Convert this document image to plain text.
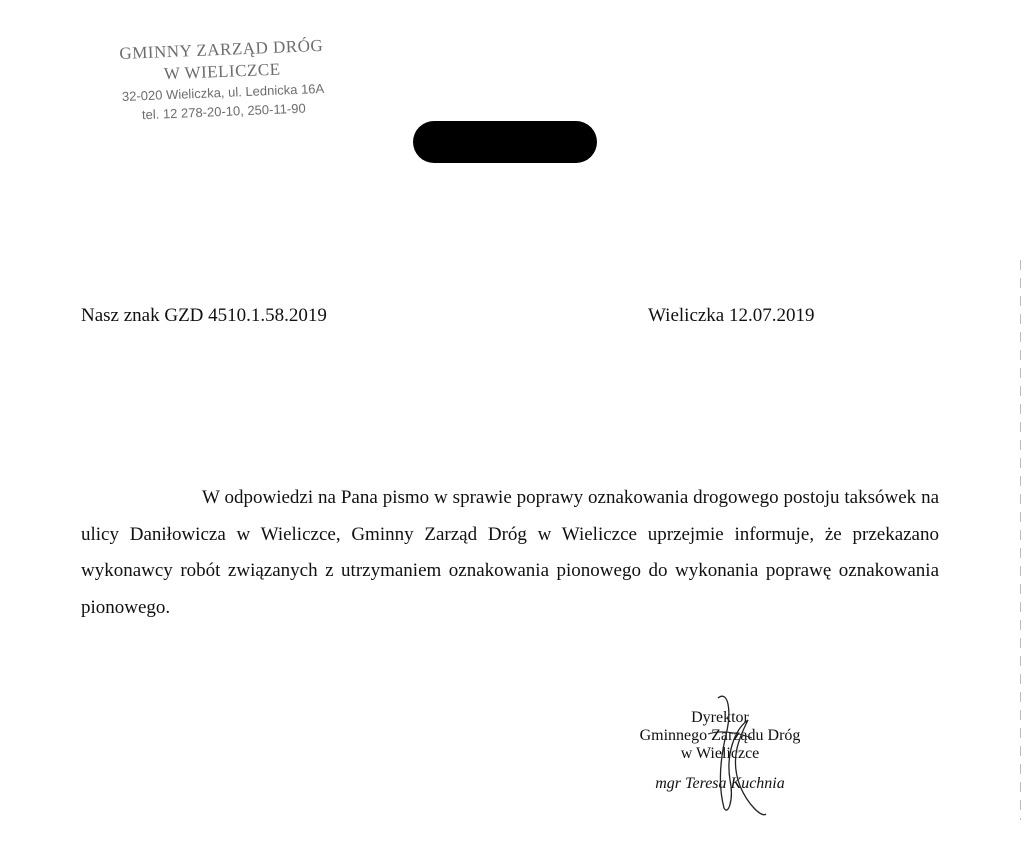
GMINNY ZARZĄD DRÓG
W WIELICZCE
32-020 Wieliczka, ul. Lednicka 16A
tel. 12 278-20-10, 250-11-90
Nasz znak GZD 4510.1.58.2019	Wieliczka 12.07.2019

W odpowiedzi na Pana pismo w sprawie poprawy oznakowania drogowego postoju taksówek na ulicy Daniłowicza w Wieliczce, Gminny Zarząd Dróg w Wieliczce uprzejmie informuje, że przekazano wykonawcy robót związanych z utrzymaniem oznakowania pionowego do wykonania poprawę oznakowania pionowego.

Dyrektor
Gminnego Zarządu Dróg
w Wieliczce
mgr Teresa Kuchnia
